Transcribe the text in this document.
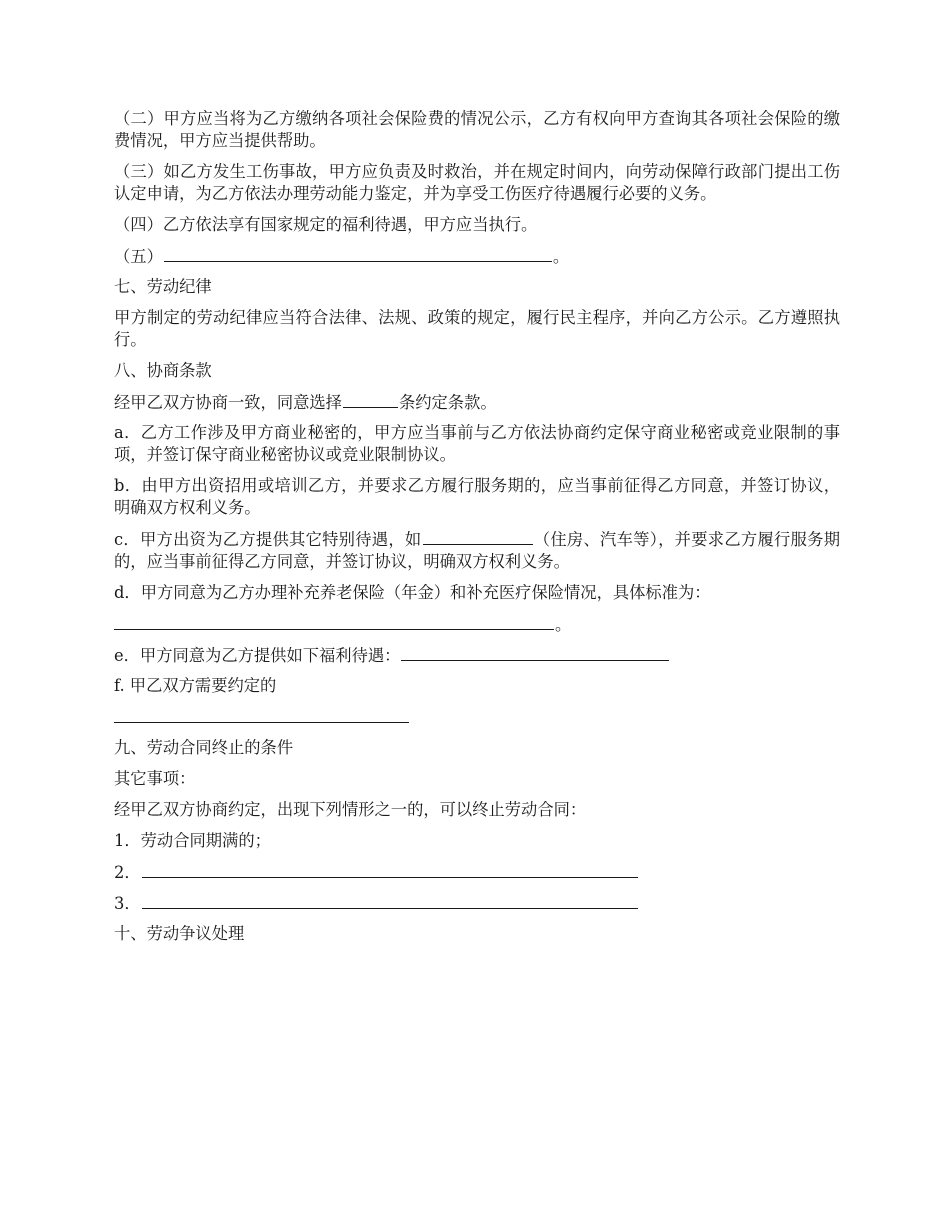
（二）甲方应当将为乙方缴纳各项社会保险费的情况公示，乙方有权向甲方查询其各项社会保险的缴费情况，甲方应当提供帮助。

（三）如乙方发生工伤事故，甲方应负责及时救治，并在规定时间内，向劳动保障行政部门提出工伤认定申请，为乙方依法办理劳动能力鉴定，并为享受工伤医疗待遇履行必要的义务。

（四）乙方依法享有国家规定的福利待遇，甲方应当执行。

（五）	。

七、劳动纪律

甲方制定的劳动纪律应当符合法律、法规、政策的规定，履行民主程序，并向乙方公示。乙方遵照执行。

八、协商条款

经甲乙双方协商一致，同意选择	条约定条款。

a．乙方工作涉及甲方商业秘密的，甲方应当事前与乙方依法协商约定保守商业秘密或竞业限制的事项，并签订保守商业秘密协议或竞业限制协议。

b．由甲方出资招用或培训乙方，并要求乙方履行服务期的，应当事前征得乙方同意，并签订协议，明确双方权利义务。

c．甲方出资为乙方提供其它特别待遇，如	（住房、汽车等），并要求乙方履行服务期的，应当事前征得乙方同意，并签订协议，明确双方权利义务。

d．甲方同意为乙方办理补充养老保险（年金）和补充医疗保险情况，具体标准为：

。
e．甲方同意为乙方提供如下福利待遇：

f. 甲乙双方需要约定的

九、劳动合同终止的条件

其它事项：

经甲乙双方协商约定，出现下列情形之一的，可以终止劳动合同：

1．劳动合同期满的；

2．
3．

十、劳动争议处理
